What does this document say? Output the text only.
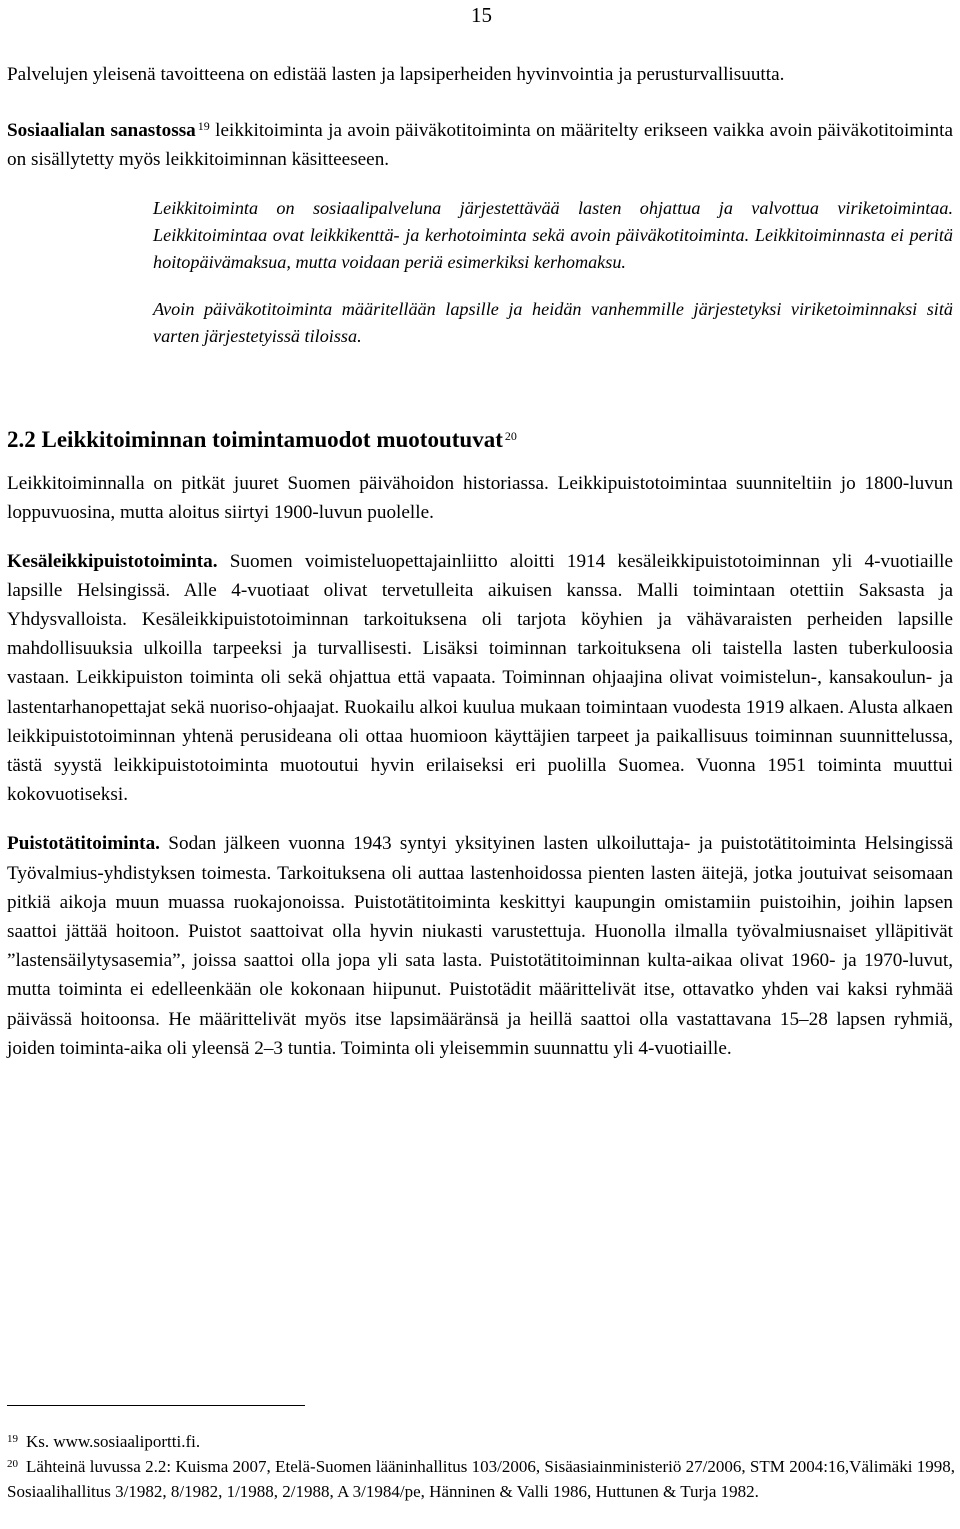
15

Palvelujen yleisenä tavoitteena on edistää lasten ja lapsiperheiden hyvinvointia ja perusturvallisuutta.

Sosiaalialan sanastossa $^{19}$ leikkitoiminta ja avoin päiväkotitoiminta on määritelty erikseen vaikka avoin päiväkotitoiminta on sisällytetty myös leikkitoiminnan käsitteeseen.

Leikkitoiminta on sosiaalipalveluna järjestettävää lasten ohjattua ja valvottua viriketoimintaa. Leikkitoimintaa ovat leikkikenttä- ja kerhotoiminta sekä avoin päiväkotitoiminta. Leikkitoiminnasta ei peritä hoitopäivämaksua, mutta voidaan periä esimerkiksi kerhomaksu.

Avoin päiväkotitoiminta määritellään lapsille ja heidän vanhemmille järjestetyksi viriketoiminnaksi sitä varten järjestetyissä tiloissa.

2.2 Leikkitoiminnan toimintamuodot muotoutuvat $^{20}$

Leikkitoiminnalla on pitkät juuret Suomen päivähoidon historiassa. Leikkipuistotoimintaa suunniteltiin jo 1800-luvun loppuvuosina, mutta aloitus siirtyi 1900-luvun puolelle.

Kesäleikkipuistotoiminta. Suomen voimisteluopettajainliitto aloitti 1914 kesäleikkipuistotoiminnan yli 4-vuotiaille lapsille Helsingissä. Alle 4-vuotiaat olivat tervetulleita aikuisen kanssa. Malli toimintaan otettiin Saksasta ja Yhdysvalloista. Kesäleikkipuistotoiminnan tarkoituksena oli tarjota köyhien ja vähävaraisten perheiden lapsille mahdollisuuksia ulkoilla tarpeeksi ja turvallisesti. Lisäksi toiminnan tarkoituksena oli taistella lasten tuberkuloosia vastaan. Leikkipuiston toiminta oli sekä ohjattua että vapaata. Toiminnan ohjaajina olivat voimistelun-, kansakoulun- ja lastentarhanopettajat sekä nuoriso-ohjaajat. Ruokailu alkoi kuulua mukaan toimintaan vuodesta 1919 alkaen. Alusta alkaen leikkipuistotoiminnan yhtenä perusideana oli ottaa huomioon käyttäjien tarpeet ja paikallisuus toiminnan suunnittelussa, tästä syystä leikkipuistotoiminta muotoutui hyvin erilaiseksi eri puolilla Suomea. Vuonna 1951 toiminta muuttui kokovuotiseksi.

Puistotätitoiminta. Sodan jälkeen vuonna 1943 syntyi yksityinen lasten ulkoiluttaja- ja puistotätitoiminta Helsingissä Työvalmius-yhdistyksen toimesta. Tarkoituksena oli auttaa lastenhoidossa pienten lasten äitejä, jotka joutuivat seisomaan pitkiä aikoja muun muassa ruokajonoissa. Puistotätitoiminta keskittyi kaupungin omistamiin puistoihin, joihin lapsen saattoi jättää hoitoon. Puistot saattoivat olla hyvin niukasti varustettuja. Huonolla ilmalla työvalmiusnaiset ylläpitivät ”lastensäilytysasemia”, joissa saattoi olla jopa yli sata lasta. Puistotätitoiminnan kulta-aikaa olivat 1960- ja 1970-luvut, mutta toiminta ei edelleenkään ole kokonaan hiipunut. Puistotädit määrittelivät itse, ottavatko yhden vai kaksi ryhmää päivässä hoitoonsa. He määrittelivät myös itse lapsimääränsä ja heillä saattoi olla vastattavana 15–28 lapsen ryhmiä, joiden toiminta-aika oli yleensä 2–3 tuntia. Toiminta oli yleisemmin suunnattu yli 4-vuotiaille.

$^{19}$ Ks. www.sosiaaliportti.fi.

$^{20}$ Lähteinä luvussa 2.2: Kuisma 2007, Etelä-Suomen lääninhallitus 103/2006, Sisäasiainministeriö 27/2006, STM 2004:16,Välimäki 1998, Sosiaalihallitus 3/1982, 8/1982, 1/1988, 2/1988, A 3/1984/pe, Hänninen & Valli 1986, Huttunen & Turja 1982.
